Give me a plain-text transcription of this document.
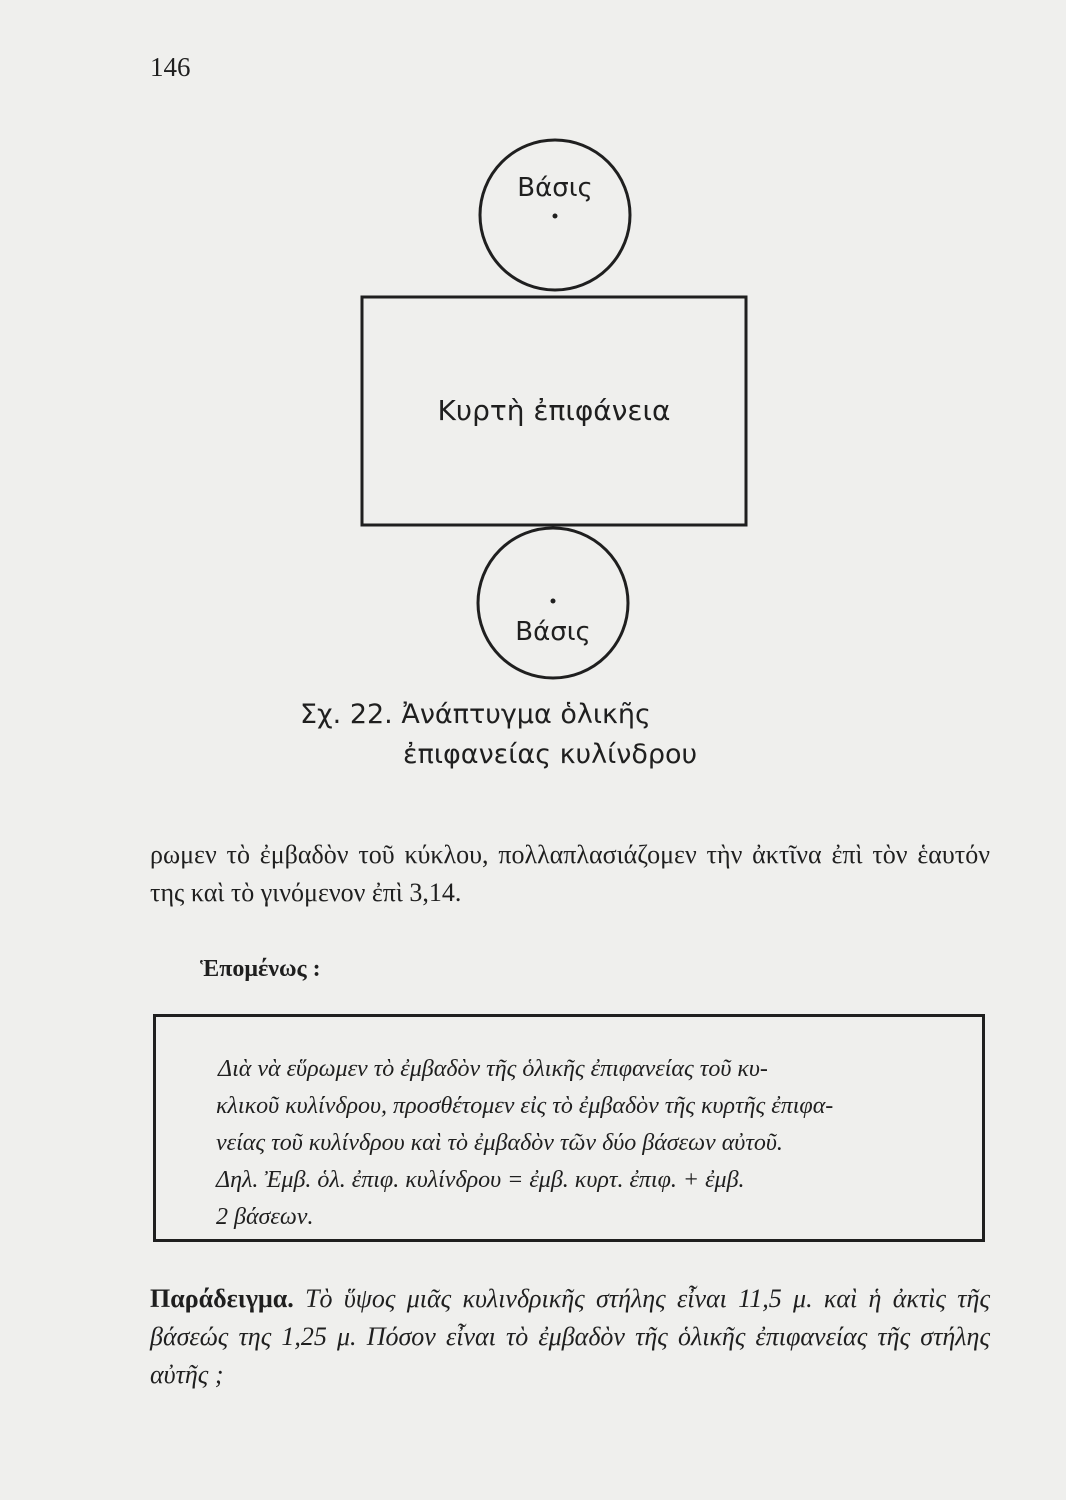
146
Βάσις
Κυρτὴ ἐπιφάνεια
Βάσις
Σχ. 22. Ἀνάπτυγμα ὁλικῆς
ἐπιφανείας κυλίνδρου
ρωμεν τὸ ἐμβαδὸν τοῦ κύκλου, πολλαπλασιάζομεν τὴν ἀκτῖνα ἐπὶ τὸν ἑαυτόν της καὶ τὸ γινόμενον ἐπὶ 3,14.
Ἑπομένως :
Διὰ νὰ εὕρωμεν τὸ ἐμβαδὸν τῆς ὁλικῆς ἐπιφανείας τοῦ κυ-
κλικοῦ κυλίνδρου, προσθέτομεν εἰς τὸ ἐμβαδὸν τῆς κυρτῆς ἐπιφα-
νείας τοῦ κυλίνδρου καὶ τὸ ἐμβαδὸν τῶν δύο βάσεων αὐτοῦ.
Δηλ. Ἐμβ. ὁλ. ἐπιφ. κυλίνδρου = ἐμβ. κυρτ. ἐπιφ. + ἐμβ.
2 βάσεων.
Παράδειγμα. Τὸ ὕψος μιᾶς κυλινδρικῆς στήλης εἶναι 11,5 μ. καὶ ἡ ἀκτὶς τῆς βάσεώς της 1,25 μ. Πόσον εἶναι τὸ ἐμβαδὸν τῆς ὁλικῆς ἐπιφανείας τῆς στήλης αὐτῆς ;
